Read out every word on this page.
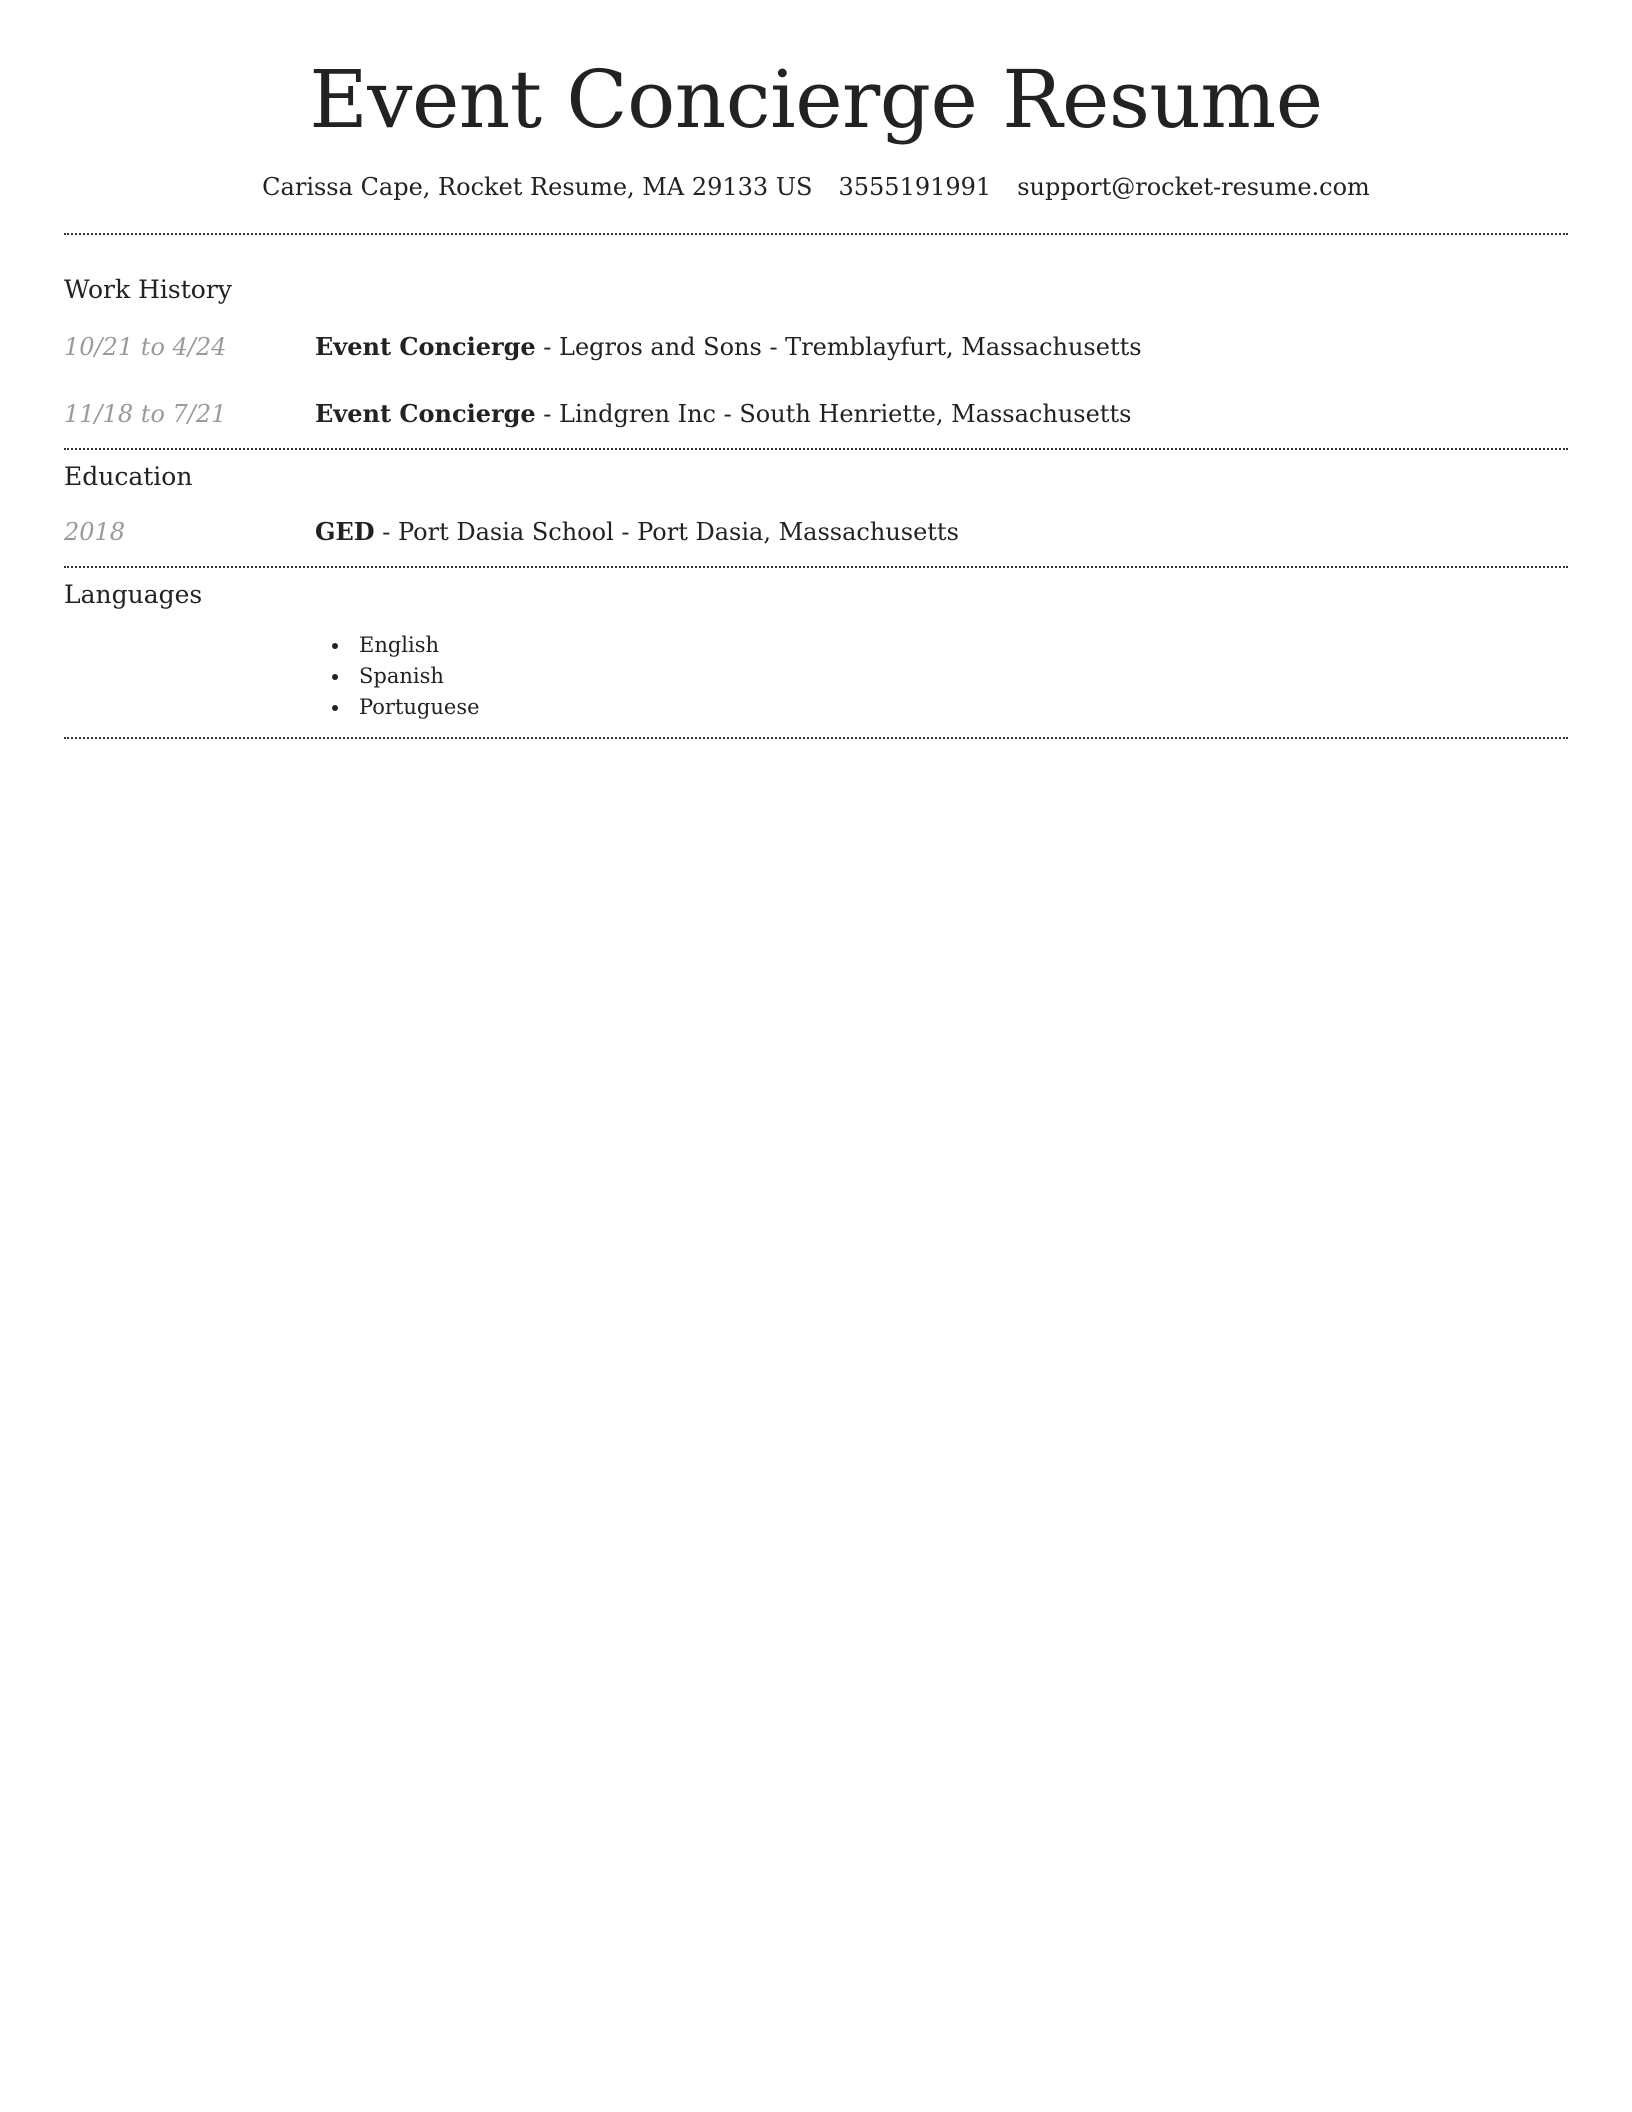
Event Concierge Resume
Carissa Cape, Rocket Resume, MA 29133 US 3555191991 support@rocket-resume.com
Work History
10/21 to 4/24	Event Concierge - Legros and Sons - Tremblayfurt, Massachusetts
11/18 to 7/21	Event Concierge - Lindgren Inc - South Henriette, Massachusetts
Education
2018	GED - Port Dasia School - Port Dasia, Massachusetts
Languages
English
Spanish
Portuguese
